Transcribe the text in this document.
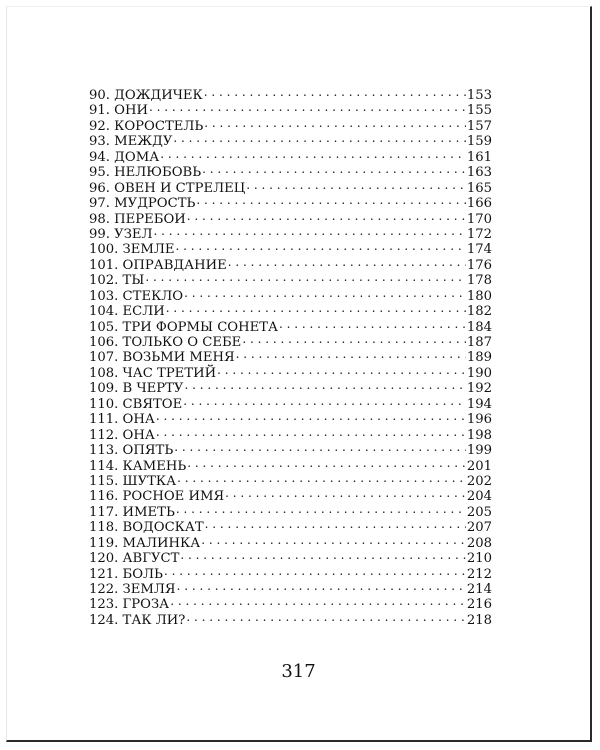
90. ДОЖДИЧЕК . . .	153
91. ОНИ . . .	155
92. КОРОСТЕЛЬ . . .	157
93. МЕЖДУ . . .	159
94. ДОМА . . .	161
95. НЕЛЮБОВЬ . . .	163
96. ОВЕН И СТРЕЛЕЦ . . .	165
97. МУДРОСТЬ . . .	166
98. ПЕРЕБОИ . . .	170
99. УЗЕЛ . . .	172
100. ЗЕМЛЕ . . .	174
101. ОПРАВДАНИЕ . . .	176
102. ТЫ . . .	178
103. СТЕКЛО . . .	180
104. ЕСЛИ . . .	182
105. ТРИ ФОРМЫ СОНЕТА . . .	184
106. ТОЛЬКО О СЕБЕ . . .	187
107. ВОЗЬМИ МЕНЯ . . .	189
108. ЧАС ТРЕТИЙ . . .	190
109. В ЧЕРТУ . . .	192
110. СВЯТОЕ . . .	194
111. ОНА . . .	196
112. ОНА . . .	198
113. ОПЯТЬ . . .	199
114. КАМЕНЬ . . .	201
115. ШУТКА . . .	202
116. РОСНОЕ ИМЯ . . .	204
117. ИМЕТЬ . . .	205
118. ВОДОСКАТ . . .	207
119. МАЛИНКА . . .	208
120. АВГУСТ . . .	210
121. БОЛЬ . . .	212
122. ЗЕМЛЯ . . .	214
123. ГРОЗА . . .	216
124. ТАК ЛИ? . . .	218
317
